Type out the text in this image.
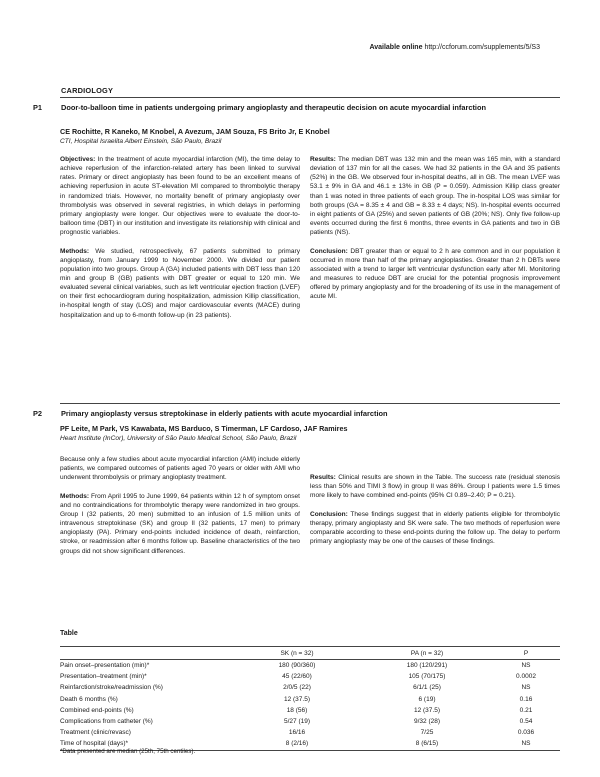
Available online http://ccforum.com/supplements/5/S3
CARDIOLOGY
P1	Door-to-balloon time in patients undergoing primary angioplasty and therapeutic decision on acute myocardial infarction
CE Rochitte, R Kaneko, M Knobel, A Avezum, JAM Souza, FS Brito Jr, E Knobel
CTI, Hospital Israelita Albert Einstein, São Paulo, Brazil

Objectives: In the treatment of acute myocardial infarction (MI), the time delay to achieve reperfusion of the infarction-related artery has been linked to survival rates. Primary or direct angioplasty has been found to be an excellent means of achieving reperfusion in acute ST-elevation MI compared to thrombolytic therapy in randomized trials. However, no mortality benefit of primary angioplasty over thrombolysis was observed in several registries, in which delays in performing primary angioplasty were longer. Our objectives were to evaluate the door-to-balloon time (DBT) in our institution and investigate its relationship with clinical and prognostic variables.

Methods: We studied, retrospectively, 67 patients submitted to primary angioplasty, from January 1999 to November 2000. We divided our patient population into two groups. Group A (GA) included patients with DBT less than 120 min and group B (GB) patients with DBT greater or equal to 120 min. We evaluated several clinical variables, such as left ventricular ejection fraction (LVEF) on their first echocardiogram during hospitalization, admission Killip classification, in-hospital length of stay (LOS) and major cardiovascular events (MACE) during hospitalization and up to 6-month follow-up (in 23 patients).

Results: The median DBT was 132 min and the mean was 165 min, with a standard deviation of 137 min for all the cases. We had 32 patients in the GA and 35 patients (52%) in the GB. We observed four in-hospital deaths, all in GB. The mean LVEF was 53.1 ± 9% in GA and 46.1 ± 13% in GB (P = 0.059). Admission Killip class greater than 1 was noted in three patients of each group. The in-hospital LOS was similar for both groups (GA = 8.35 ± 4 and GB = 8.33 ± 4 days; NS). In-hospital events occurred in eight patients of GA (25%) and seven patients of GB (20%; NS). Only five follow-up events occurred during the first 6 months, three events in GA patients and two in GB patients (NS).

Conclusion: DBT greater than or equal to 2 h are common and in our population it occurred in more than half of the primary angioplasties. Greater than 2 h DBTs were associated with a trend to larger left ventricular dysfunction early after MI. Monitoring and measures to reduce DBT are crucial for the potential prognosis improvement offered by primary angioplasty and for the broadening of its use in the management of acute MI.

P2	Primary angioplasty versus streptokinase in elderly patients with acute myocardial infarction
PF Leite, M Park, VS Kawabata, MS Barduco, S Timerman, LF Cardoso, JAF Ramires
Heart Institute (InCor), University of São Paulo Medical School, São Paulo, Brazil

Because only a few studies about acute myocardial infarction (AMI) include elderly patients, we compared outcomes of patients aged 70 years or older with AMI who underwent thrombolysis or primary angioplasty treatment.

Methods: From April 1995 to June 1999, 64 patients within 12 h of symptom onset and no contraindications for thrombolytic therapy were randomized in two groups. Group I (32 patients, 20 men) submitted to an infusion of 1.5 million units of intravenous streptokinase (SK) and group II (32 patients, 17 men) to primary angioplasty (PA). Primary end-points included incidence of death, reinfarction, stroke, or readmission after 6 months follow up. Baseline characteristics of the two groups did not show significant differences.

Results: Clinical results are shown in the Table. The success rate (residual stenosis less than 50% and TIMI 3 flow) in group II was 86%. Group I patients were 1.5 times more likely to have combined end-points (95% CI 0.89–2.40; P = 0.21).

Conclusion: These findings suggest that in elderly patients eligible for thrombolytic therapy, primary angioplasty and SK were safe. The two methods of reperfusion were comparable according to these end-points during the follow up. The delay to perform primary angioplasty may be one of the causes of these findings.

Table
	SK (n = 32)	PA (n = 32)	P
Pain onset–presentation (min)*	180 (90/360)	180 (120/291)	NS
Presentation–treatment (min)*	45 (22/60)	105 (70/175)	0.0002
Reinfarction/stroke/readmission (%)	2/0/5 (22)	6/1/1 (25)	NS
Death 6 months (%)	12 (37.5)	6 (19)	0.16
Combined end-points (%)	18 (56)	12 (37.5)	0.21
Complications from catheter (%)	5/27 (19)	9/32 (28)	0.54
Treatment (clinic/revasc)	16/16	7/25	0.036
Time of hospital (days)*	8 (2/16)	8 (6/15)	NS
*Data presented are median (25th, 75th centiles).
